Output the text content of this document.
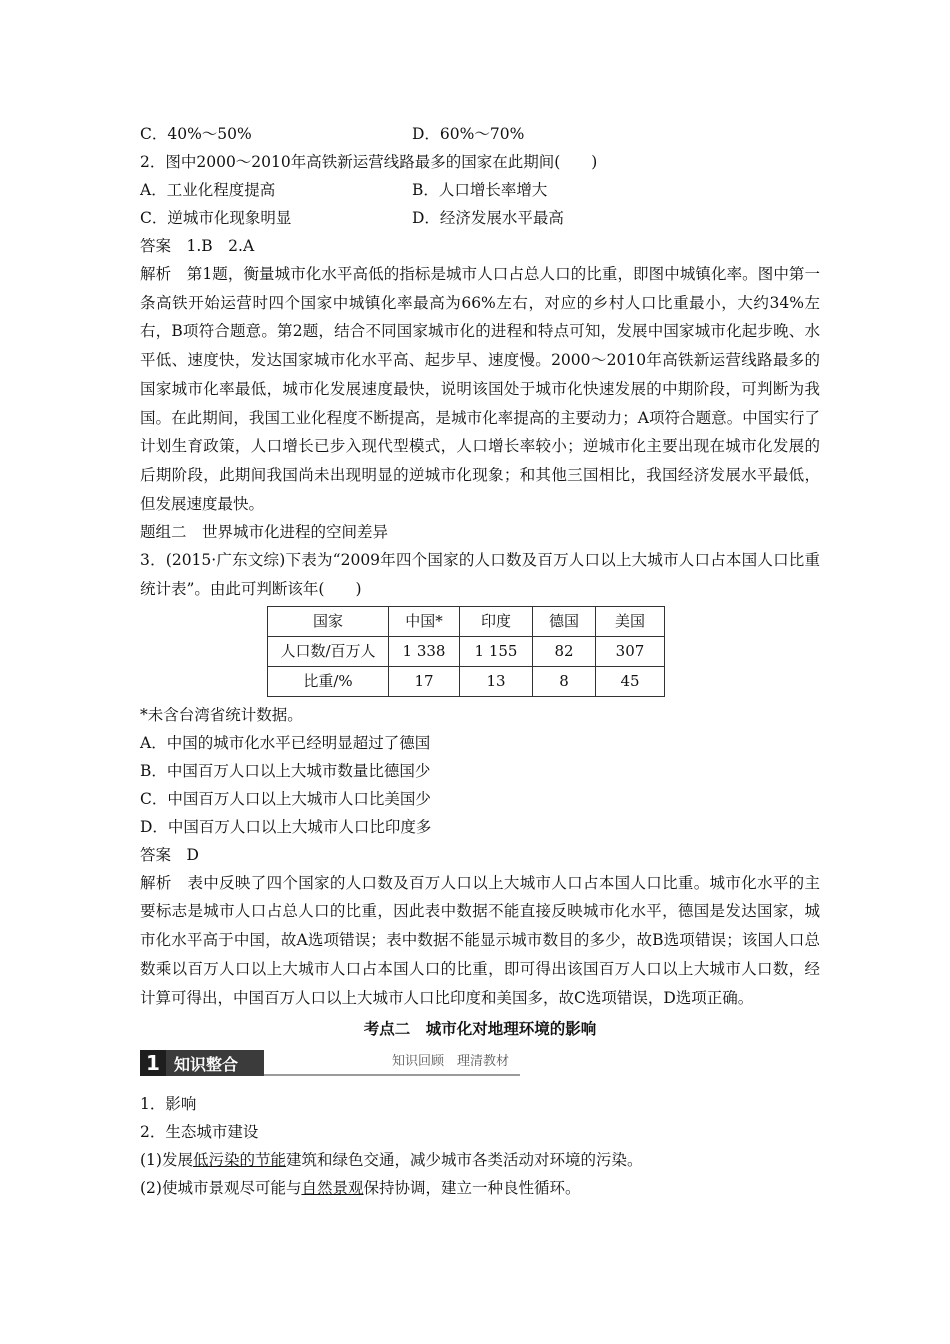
C．40%～50%	D．60%～70%
2．图中2000～2010年高铁新运营线路最多的国家在此期间(　　)
A．工业化程度提高	B．人口增长率增大
C．逆城市化现象明显	D．经济发展水平最高
答案　1.B　2.A
解析　第1题，衡量城市化水平高低的指标是城市人口占总人口的比重，即图中城镇化率。图中第一条高铁开始运营时四个国家中城镇化率最高为66%左右，对应的乡村人口比重最小，大约34%左右，B项符合题意。第2题，结合不同国家城市化的进程和特点可知，发展中国家城市化起步晚、水平低、速度快，发达国家城市化水平高、起步早、速度慢。2000～2010年高铁新运营线路最多的国家城市化率最低，城市化发展速度最快，说明该国处于城市化快速发展的中期阶段，可判断为我国。在此期间，我国工业化程度不断提高，是城市化率提高的主要动力；A项符合题意。中国实行了计划生育政策，人口增长已步入现代型模式，人口增长率较小；逆城市化主要出现在城市化发展的后期阶段，此期间我国尚未出现明显的逆城市化现象；和其他三国相比，我国经济发展水平最低，但发展速度最快。
题组二　世界城市化进程的空间差异
3．(2015·广东文综)下表为“2009年四个国家的人口数及百万人口以上大城市人口占本国人口比重统计表”。由此可判断该年(　　)
国家	中国*	印度	德国	美国
人口数/百万人	1 338	1 155	82	307
比重/%	17	13	8	45
*未含台湾省统计数据。
A．中国的城市化水平已经明显超过了德国
B．中国百万人口以上大城市数量比德国少
C．中国百万人口以上大城市人口比美国少
D．中国百万人口以上大城市人口比印度多
答案　D
解析　表中反映了四个国家的人口数及百万人口以上大城市人口占本国人口比重。城市化水平的主要标志是城市人口占总人口的比重，因此表中数据不能直接反映城市化水平，德国是发达国家，城市化水平高于中国，故A选项错误；表中数据不能显示城市数目的多少，故B选项错误；该国人口总数乘以百万人口以上大城市人口占本国人口的比重，即可得出该国百万人口以上大城市人口数，经计算可得出，中国百万人口以上大城市人口比印度和美国多，故C选项错误，D选项正确。
考点二　城市化对地理环境的影响
1 知识整合	知识回顾　理清教材
1．影响
2．生态城市建设
(1)发展低污染的节能建筑和绿色交通，减少城市各类活动对环境的污染。
(2)使城市景观尽可能与自然景观保持协调，建立一种良性循环。
